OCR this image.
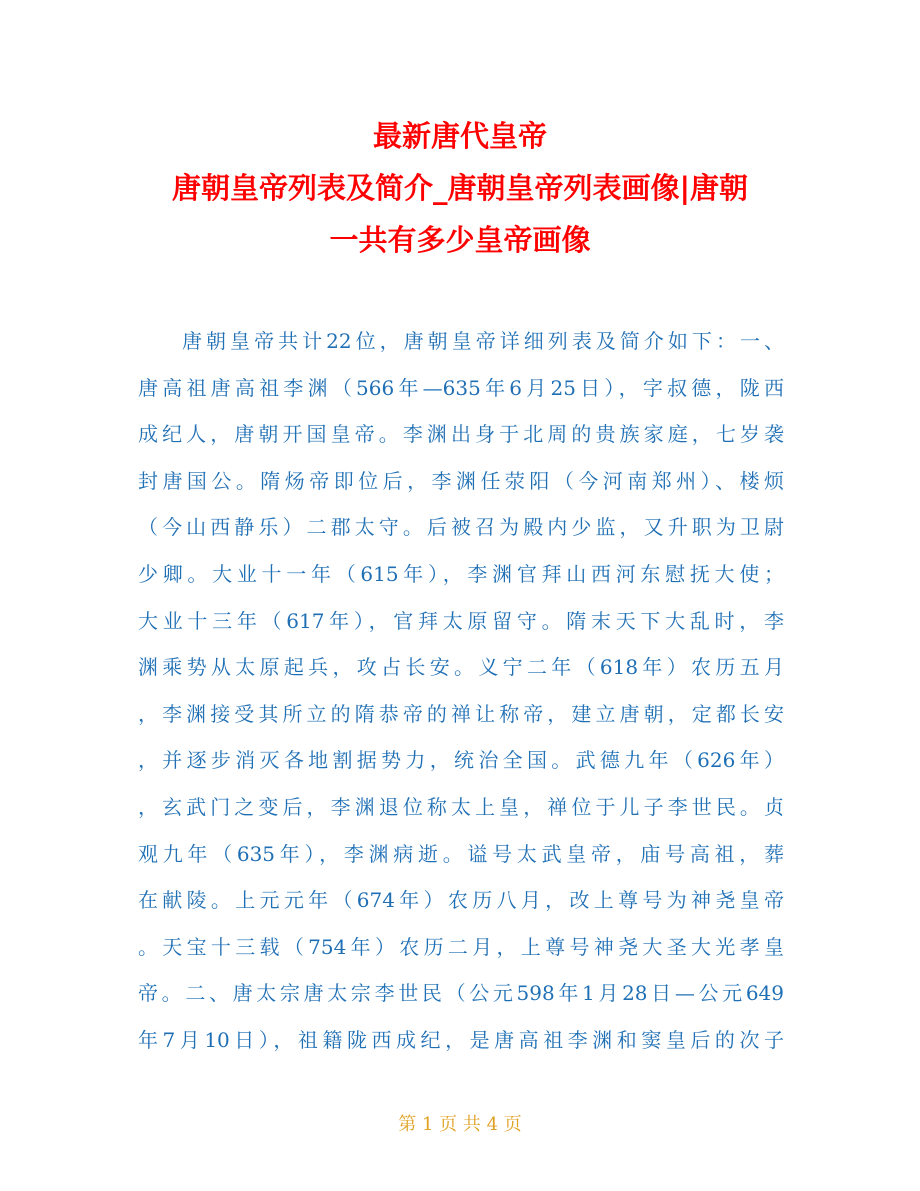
最新唐代皇帝
唐朝皇帝列表及简介_唐朝皇帝列表画像|唐朝
一共有多少皇帝画像
唐朝皇帝共计22位，唐朝皇帝详细列表及简介如下：一、
唐高祖唐高祖李渊（566年—635年6月25日），字叔德，陇西
成纪人，唐朝开国皇帝。李渊出身于北周的贵族家庭，七岁袭
封唐国公。隋炀帝即位后，李渊任荥阳（今河南郑州）、楼烦
（今山西静乐）二郡太守。后被召为殿内少监，又升职为卫尉
少卿。大业十一年（615年），李渊官拜山西河东慰抚大使；
大业十三年（617年），官拜太原留守。隋末天下大乱时，李
渊乘势从太原起兵，攻占长安。义宁二年（618年）农历五月
，李渊接受其所立的隋恭帝的禅让称帝，建立唐朝，定都长安
，并逐步消灭各地割据势力，统治全国。武德九年（626年）
，玄武门之变后，李渊退位称太上皇，禅位于儿子李世民。贞
观九年（635年），李渊病逝。谥号太武皇帝，庙号高祖，葬
在献陵。上元元年（674年）农历八月，改上尊号为神尧皇帝
。天宝十三载（754年）农历二月，上尊号神尧大圣大光孝皇
帝。二、唐太宗唐太宗李世民（公元598年1月28日—公元649
年7月10日），祖籍陇西成纪，是唐高祖李渊和窦皇后的次子
第 1 页 共 4 页
